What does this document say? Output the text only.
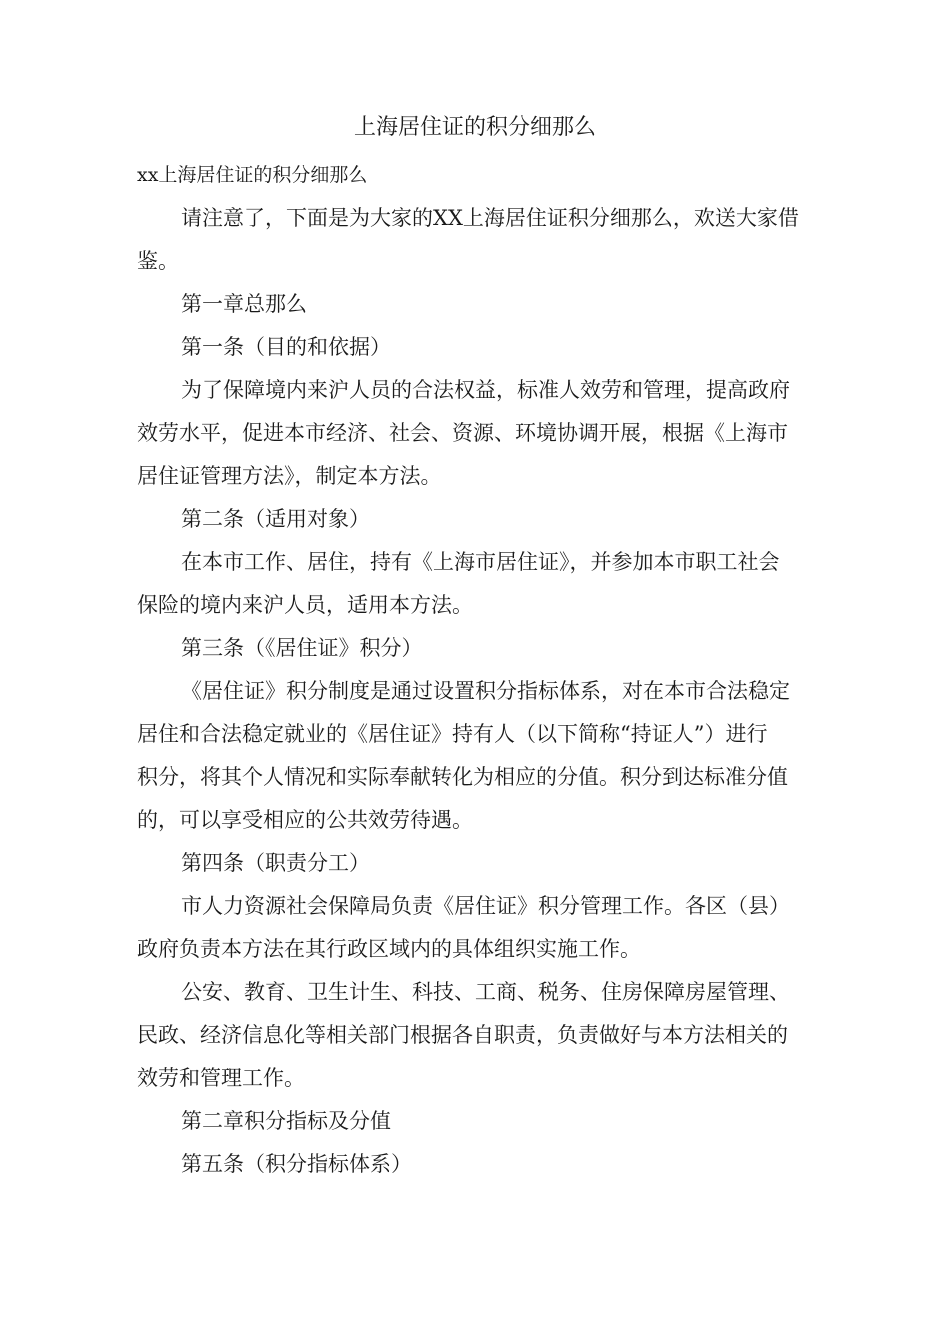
上海居住证的积分细那么

xx上海居住证的积分细那么

请注意了，下面是为大家的XX上海居住证积分细那么，欢送大家借

鉴。

第一章总那么

第一条（目的和依据）

为了保障境内来沪人员的合法权益，标准人效劳和管理，提高政府

效劳水平，促进本市经济、社会、资源、环境协调开展，根据《上海市

居住证管理方法》，制定本方法。

第二条（适用对象）

在本市工作、居住，持有《上海市居住证》，并参加本市职工社会

保险的境内来沪人员，适用本方法。

第三条（《居住证》积分）

《居住证》积分制度是通过设置积分指标体系，对在本市合法稳定

居住和合法稳定就业的《居住证》持有人（以下简称“持证人”）进行

积分，将其个人情况和实际奉献转化为相应的分值。积分到达标准分值

的，可以享受相应的公共效劳待遇。

第四条（职责分工）

市人力资源社会保障局负责《居住证》积分管理工作。各区（县）

政府负责本方法在其行政区域内的具体组织实施工作。

公安、教育、卫生计生、科技、工商、税务、住房保障房屋管理、

民政、经济信息化等相关部门根据各自职责，负责做好与本方法相关的

效劳和管理工作。

第二章积分指标及分值

第五条（积分指标体系）
